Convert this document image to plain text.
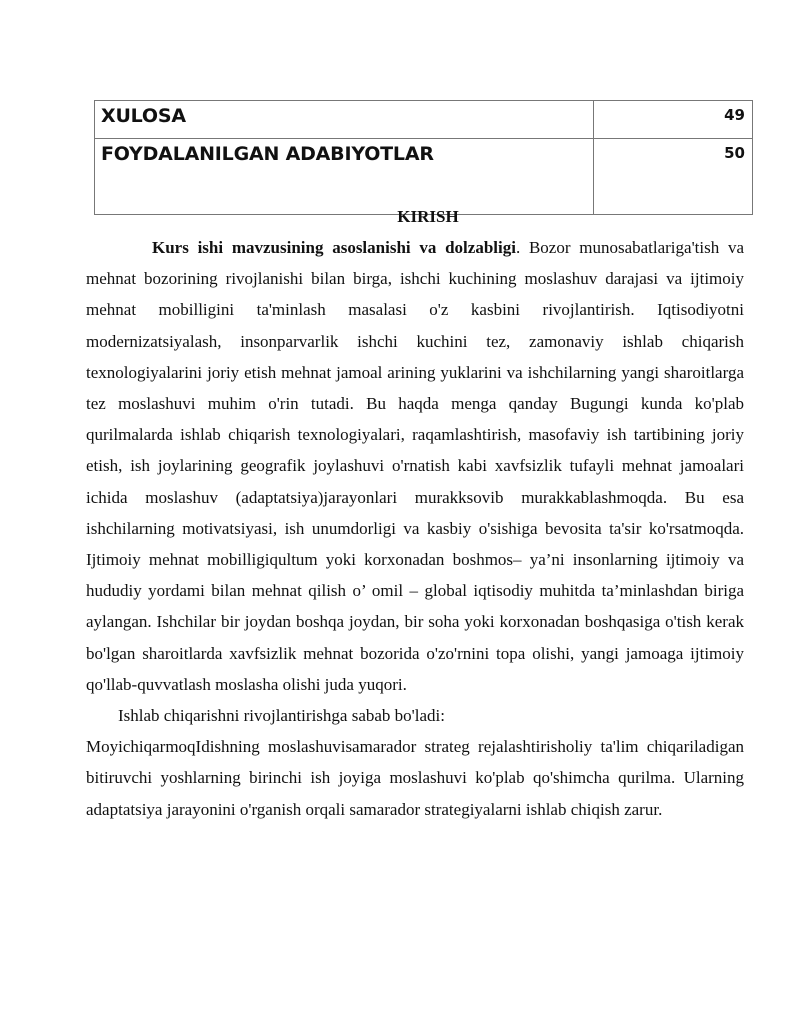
XULOSA	49
FOYDALANILGAN ADABIYOTLAR	50
KIRISH

Kurs ishi mavzusining asoslanishi va dolzabligi. Bozor munosabatlariga'tish va mehnat bozorining rivojlanishi bilan birga, ishchi kuchining moslashuv darajasi va ijtimoiy mehnat mobilligini ta'minlash masalasi o'z kasbini rivojlantirish. Iqtisodiyotni modernizatsiyalash, insonparvarlik ishchi kuchini tez, zamonaviy ishlab chiqarish texnologiyalarini joriy etish mehnat jamoal arining yuklarini va ishchilarning yangi sharoitlarga tez moslashuvi muhim o'rin tutadi. Bu haqda menga qanday Bugungi kunda ko'plab qurilmalarda ishlab chiqarish texnologiyalari, raqamlashtirish, masofaviy ish tartibining joriy etish, ish joylarining geografik joylashuvi o'rnatish kabi xavfsizlik tufayli mehnat jamoalari ichida moslashuv (adaptatsiya)jarayonlari murakksovib murakkablashmoqda. Bu esa ishchilarning motivatsiyasi, ish unumdorligi va kasbiy o'sishiga bevosita ta'sir ko'rsatmoqda. Ijtimoiy mehnat mobilligiqultum yoki korxonadan boshmos– ya’ni insonlarning ijtimoiy va hududiy yordami bilan mehnat qilish o’ omil – global iqtisodiy muhitda ta’minlashdan biriga aylangan. Ishchilar bir joydan boshqa joydan, bir soha yoki korxonadan boshqasiga o'tish kerak bo'lgan sharoitlarda xavfsizlik mehnat bozorida o'zo'rnini topa olishi, yangi jamoaga ijtimoiy qo'llab-quvvatlash moslasha olishi juda yuqori.

Ishlab chiqarishni rivojlantirishga sabab bo'ladi:

MoyichiqarmoqIdishning moslashuvisamarador strateg rejalashtirisholiy ta'lim chiqariladigan bitiruvchi yoshlarning birinchi ish joyiga moslashuvi ko'plab qo'shimcha qurilma. Ularning adaptatsiya jarayonini o'rganish orqali samarador strategiyalarni ishlab chiqish zarur.
